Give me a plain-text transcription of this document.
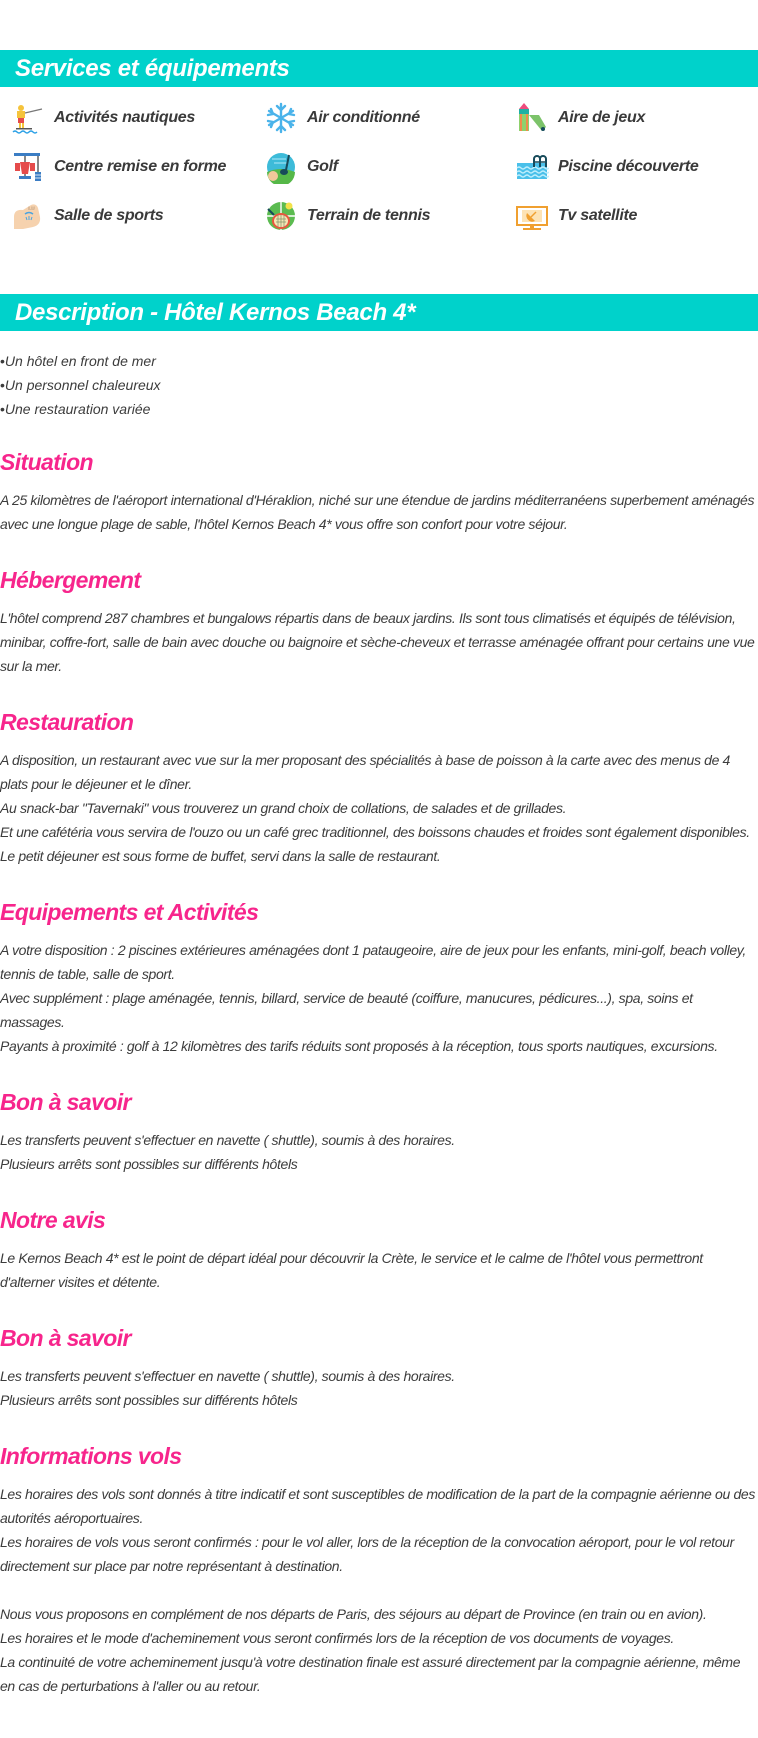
Services et équipements
Activités nautiques	Air conditionné	Aire de jeux
Centre remise en forme	Golf	Piscine découverte
ILW Salle de sports	Terrain de tennis	Tv satellite
Description - Hôtel Kernos Beach 4*
• Un hôtel en front de mer
• Un personnel chaleureux
• Une restauration variée
Situation

A 25 kilomètres de l'aéroport international d'Héraklion, niché sur une étendue de jardins méditerranéens superbement aménagés avec une longue plage de sable, l'hôtel Kernos Beach 4* vous offre son confort pour votre séjour.

Hébergement

L'hôtel comprend 287 chambres et bungalows répartis dans de beaux jardins. Ils sont tous climatisés et équipés de télévision, minibar, coffre-fort, salle de bain avec douche ou baignoire et sèche-cheveux et terrasse aménagée offrant pour certains une vue sur la mer.

Restauration

A disposition, un restaurant avec vue sur la mer proposant des spécialités à base de poisson à la carte avec des menus de 4 plats pour le déjeuner et le dîner.

Au snack-bar "Tavernaki" vous trouverez un grand choix de collations, de salades et de grillades.

Et une cafétéria vous servira de l'ouzo ou un café grec traditionnel, des boissons chaudes et froides sont également disponibles. Le petit déjeuner est sous forme de buffet, servi dans la salle de restaurant.

Equipements et Activités

A votre disposition : 2 piscines extérieures aménagées dont 1 pataugeoire, aire de jeux pour les enfants, mini-golf, beach volley, tennis de table, salle de sport.

Avec supplément : plage aménagée, tennis, billard, service de beauté (coiffure, manucures, pédicures...), spa, soins et massages.

Payants à proximité : golf à 12 kilomètres des tarifs réduits sont proposés à la réception, tous sports nautiques, excursions.

Bon à savoir

Les transferts peuvent s'effectuer en navette ( shuttle), soumis à des horaires.

Plusieurs arrêts sont possibles sur différents hôtels

Notre avis

Le Kernos Beach 4* est le point de départ idéal pour découvrir la Crète, le service et le calme de l'hôtel vous permettront d'alterner visites et détente.

Bon à savoir

Les transferts peuvent s'effectuer en navette ( shuttle), soumis à des horaires.

Plusieurs arrêts sont possibles sur différents hôtels

Informations vols

Les horaires des vols sont donnés à titre indicatif et sont susceptibles de modification de la part de la compagnie aérienne ou des autorités aéroportuaires.

Les horaires de vols vous seront confirmés : pour le vol aller, lors de la réception de la convocation aéroport, pour le vol retour directement sur place par notre représentant à destination.

Nous vous proposons en complément de nos départs de Paris, des séjours au départ de Province (en train ou en avion).

Les horaires et le mode d'acheminement vous seront confirmés lors de la réception de vos documents de voyages.

La continuité de votre acheminement jusqu'à votre destination finale est assuré directement par la compagnie aérienne, même en cas de perturbations à l'aller ou au retour.
